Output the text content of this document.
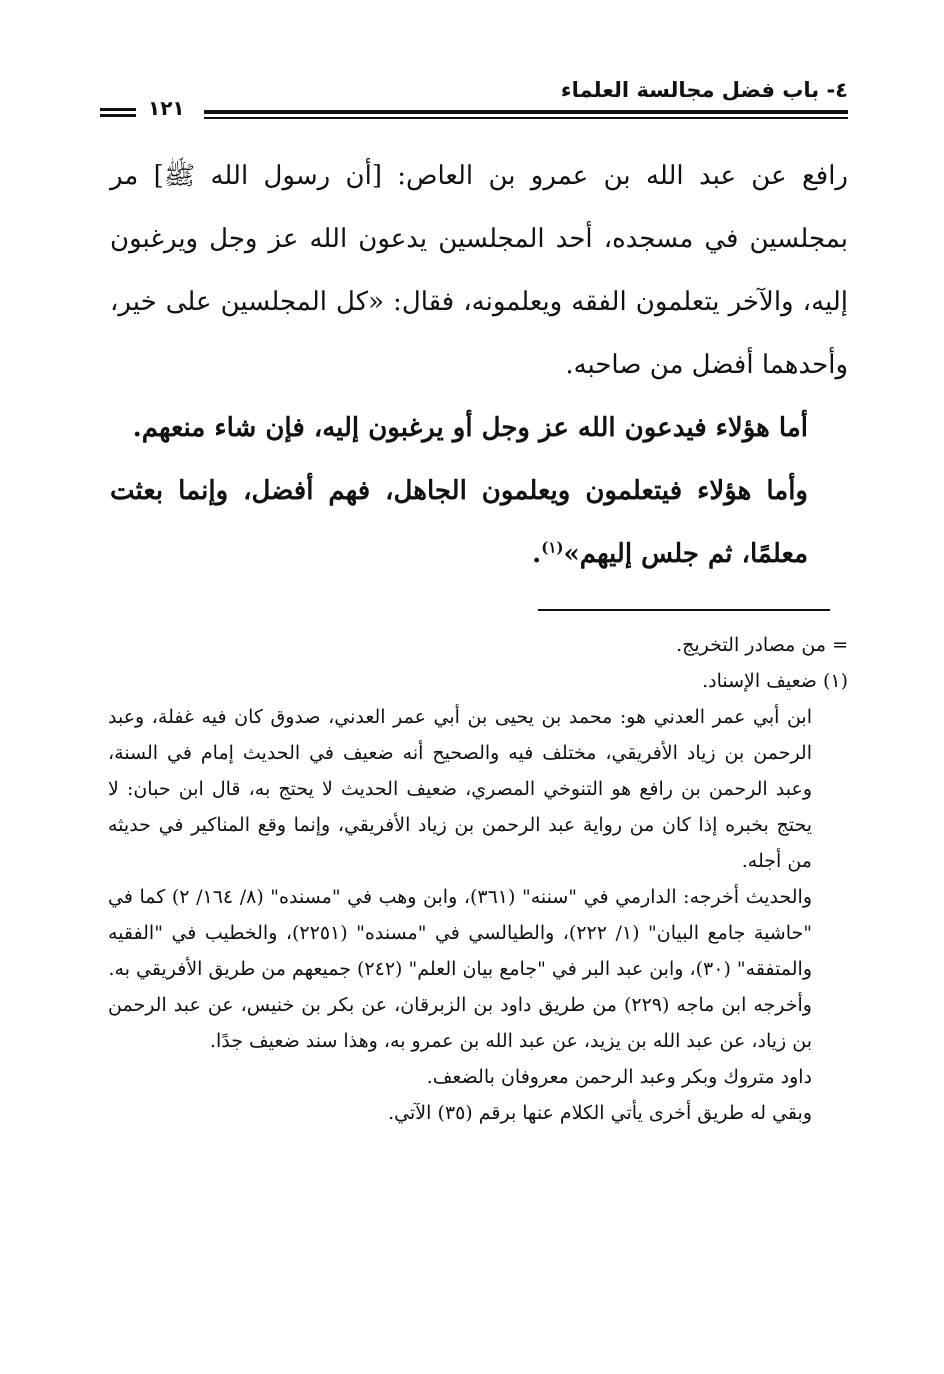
٤- باب فضل مجالسة العلماء
١٢١

رافع عن عبد الله بن عمرو بن العاص: [أن رسول الله ﷺ] مر بمجلسين في مسجده، أحد المجلسين يدعون الله عز وجل ويرغبون إليه، والآخر يتعلمون الفقه ويعلمونه، فقال: «كل المجلسين على خير، وأحدهما أفضل من صاحبه.

أما هؤلاء فيدعون الله عز وجل أو يرغبون إليه، فإن شاء منعهم.

وأما هؤلاء فيتعلمون ويعلمون الجاهل، فهم أفضل، وإنما بعثت معلمًا، ثم جلس إليهم»$^{(١)}$.

= من مصادر التخريج.

(١) ضعيف الإسناد.

ابن أبي عمر العدني هو: محمد بن يحيى بن أبي عمر العدني، صدوق كان فيه غفلة، وعبد الرحمن بن زياد الأفريقي، مختلف فيه والصحيح أنه ضعيف في الحديث إمام في السنة، وعبد الرحمن بن رافع هو التنوخي المصري، ضعيف الحديث لا يحتج به، قال ابن حبان: لا يحتج بخبره إذا كان من رواية عبد الرحمن بن زياد الأفريقي، وإنما وقع المناكير في حديثه من أجله.

والحديث أخرجه: الدارمي في "سننه" (٣٦١)، وابن وهب في "مسنده" (٨/ ١٦٤/ ٢) كما في "حاشية جامع البيان" (١/ ٢٢٢)، والطيالسي في "مسنده" (٢٢٥١)، والخطيب في "الفقيه والمتفقه" (٣٠)، وابن عبد البر في "جامع بيان العلم" (٢٤٢) جميعهم من طريق الأفريقي به.

وأخرجه ابن ماجه (٢٢٩) من طريق داود بن الزبرقان، عن بكر بن خنيس، عن عبد الرحمن بن زياد، عن عبد الله بن يزيد، عن عبد الله بن عمرو به، وهذا سند ضعيف جدًا.

داود متروك وبكر وعبد الرحمن معروفان بالضعف.

وبقي له طريق أخرى يأتي الكلام عنها برقم (٣٥) الآتي.
